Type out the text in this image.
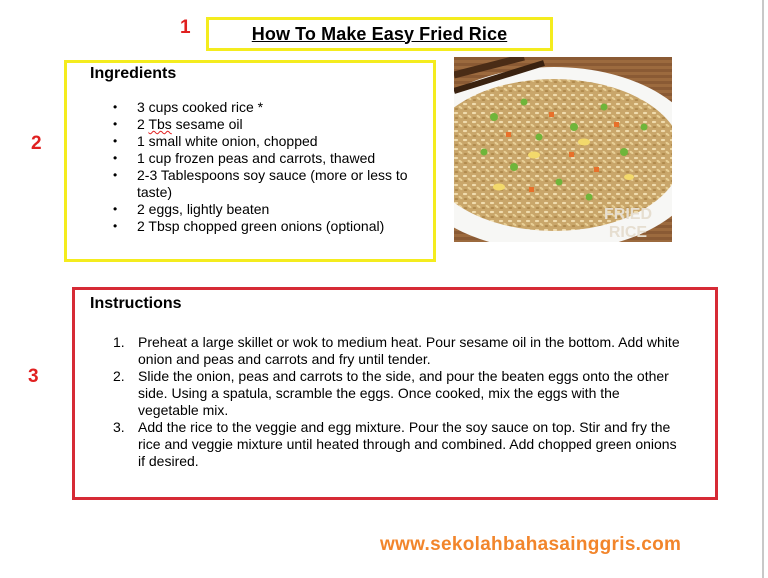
1
2
3
How To Make Easy Fried Rice
Ingredients
• 3 cups cooked rice *
• 2 Tbs sesame oil
• 1 small white onion, chopped
• 1 cup frozen peas and carrots, thawed
• 2-3 Tablespoons soy sauce (more or less to taste)
• 2 eggs, lightly beaten
• 2 Tbsp chopped green onions (optional)
FRIED
RICE
Instructions
1. Preheat a large skillet or wok to medium heat. Pour sesame oil in the bottom. Add white onion and peas and carrots and fry until tender.
2. Slide the onion, peas and carrots to the side, and pour the beaten eggs onto the other side. Using a spatula, scramble the eggs. Once cooked, mix the eggs with the vegetable mix.
3. Add the rice to the veggie and egg mixture. Pour the soy sauce on top. Stir and fry the rice and veggie mixture until heated through and combined. Add chopped green onions if desired.
www.sekolahbahasainggris.com
